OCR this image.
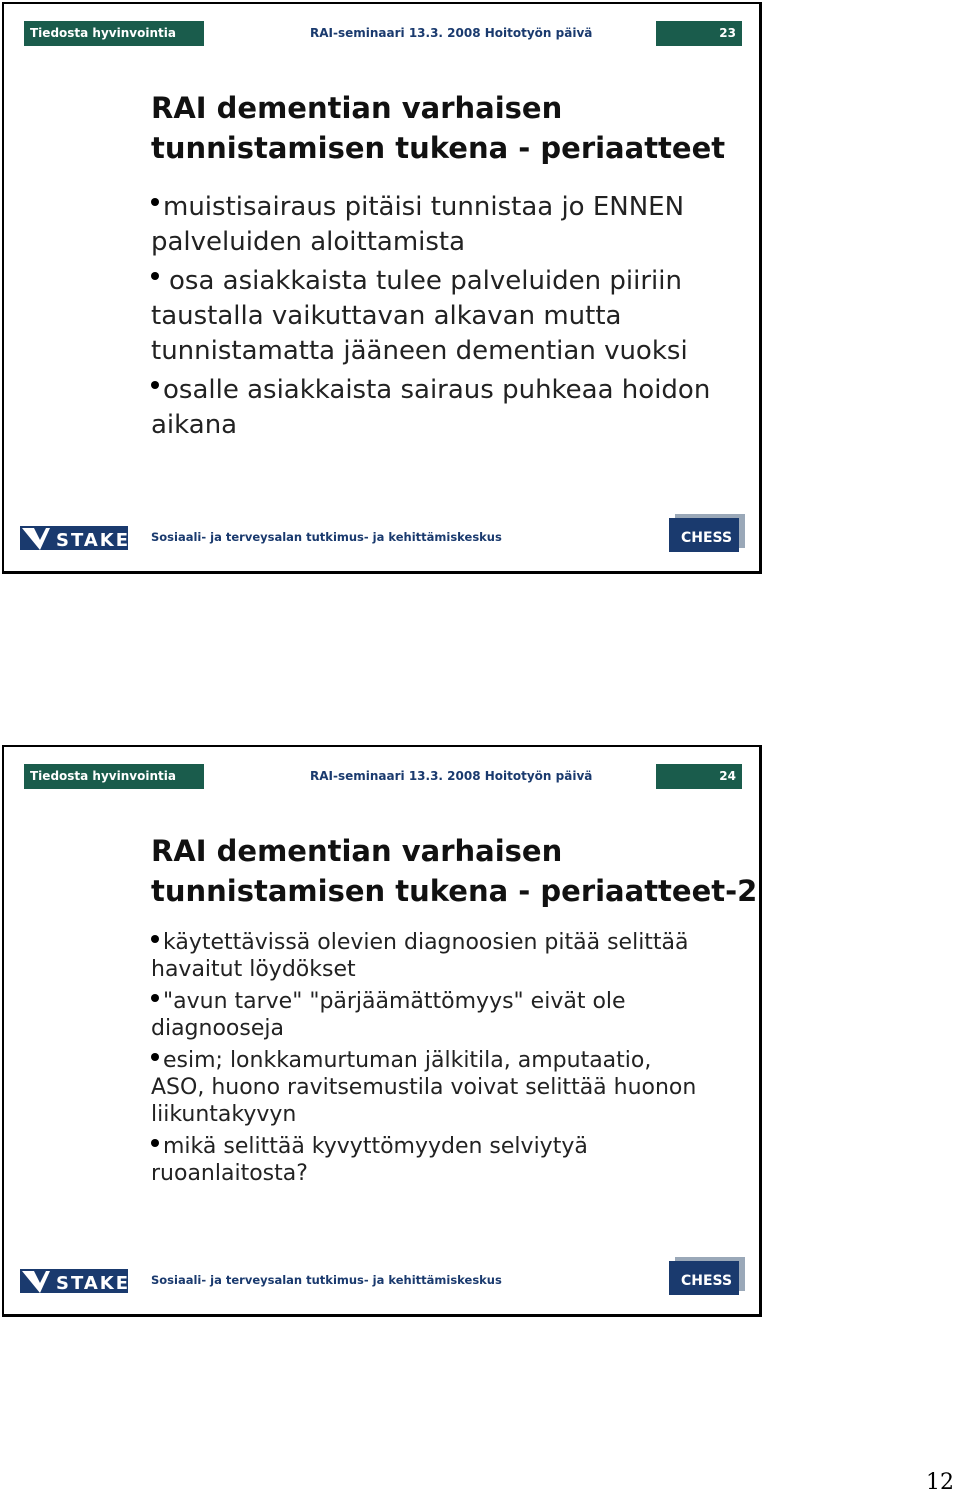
Tiedosta hyvinvointia	RAI-seminaari 13.3. 2008 Hoitotyön päivä	23
RAI dementian varhaisen
tunnistamisen tukena - periaatteet

muistisairaus pitäisi tunnistaa jo ENNEN
palveluiden aloittamista

osa asiakkaista tulee palveluiden piiriin
taustalla vaikuttavan alkavan mutta
tunnistamatta jääneen dementian vuoksi

osalle asiakkaista sairaus puhkeaa hoidon
aikana

STAKES Sosiaali- ja terveysalan tutkimus- ja kehittämiskeskus	CHESS
Tiedosta hyvinvointia	RAI-seminaari 13.3. 2008 Hoitotyön päivä	24
RAI dementian varhaisen
tunnistamisen tukena - periaatteet-2

käytettävissä olevien diagnoosien pitää selittää
havaitut löydökset

"avun tarve" "pärjäämättömyys" eivät ole
diagnooseja

esim; lonkkamurtuman jälkitila, amputaatio,
ASO, huono ravitsemustila voivat selittää huonon
liikuntakyvyn

mikä selittää kyvyttömyyden selviytyä
ruoanlaitosta?

STAKES Sosiaali- ja terveysalan tutkimus- ja kehittämiskeskus	CHESS
12
